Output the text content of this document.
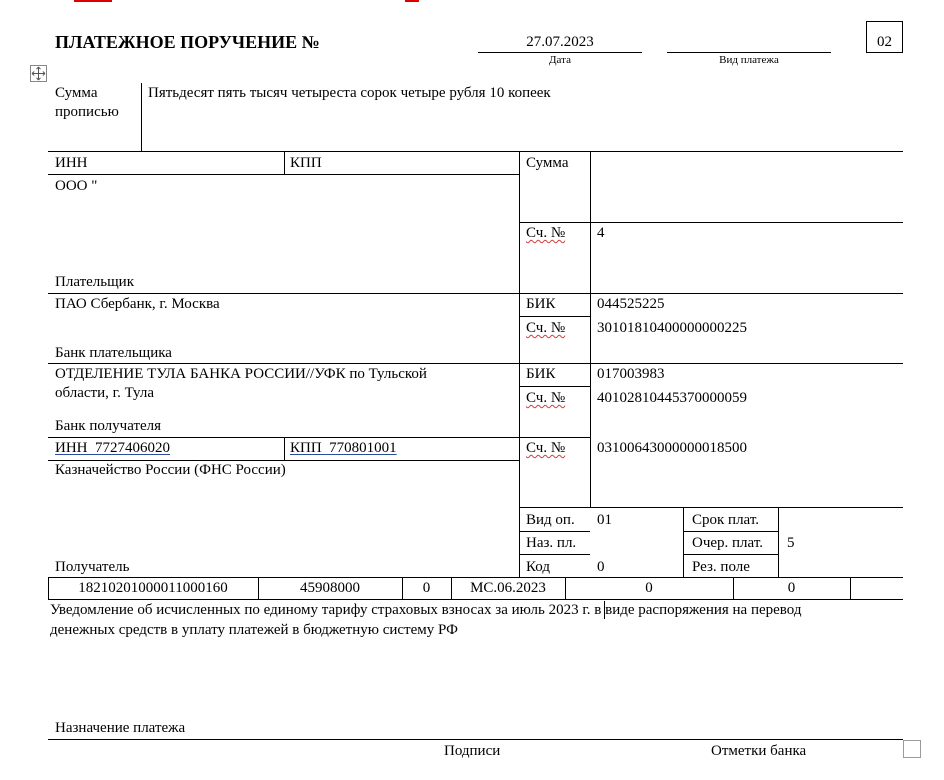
ПЛАТЕЖНОЕ ПОРУЧЕНИЕ №	27.07.2023
Дата	Вид платежа
02
Сумма
прописью
Пятьдесят пять тысяч четыреста сорок четыре рубля 10 копеек
ИНН	КПП
ООО "
Плательщик
Сумма
Сч. № 4
ПАО Сбербанк, г. Москва
Банк плательщика
БИК	044525225
Сч. № 30101810400000000225
ОТДЕЛЕНИЕ ТУЛА БАНКА РОССИИ//УФК по Тульской
области, г. Тула
Банк получателя
БИК	017003983
Сч. № 40102810445370000059
ИНН  7727406020	КПП  770801001
Казначейство России (ФНС России)
Получатель
Сч. № 03100643000000018500
Вид оп. 01
Наз. пл.
Код	0
Срок плат.
Очер. плат. 5
Рез. поле
18210201000011000160	45908000	0	МС.06.2023	0	0
Уведомление об исчисленных по единому тарифу страховых взносах за июль 2023 г. в виде распоряжения на перевод
денежных средств в уплату платежей в бюджетную систему РФ
Назначение платежа
Подписи	Отметки банка
